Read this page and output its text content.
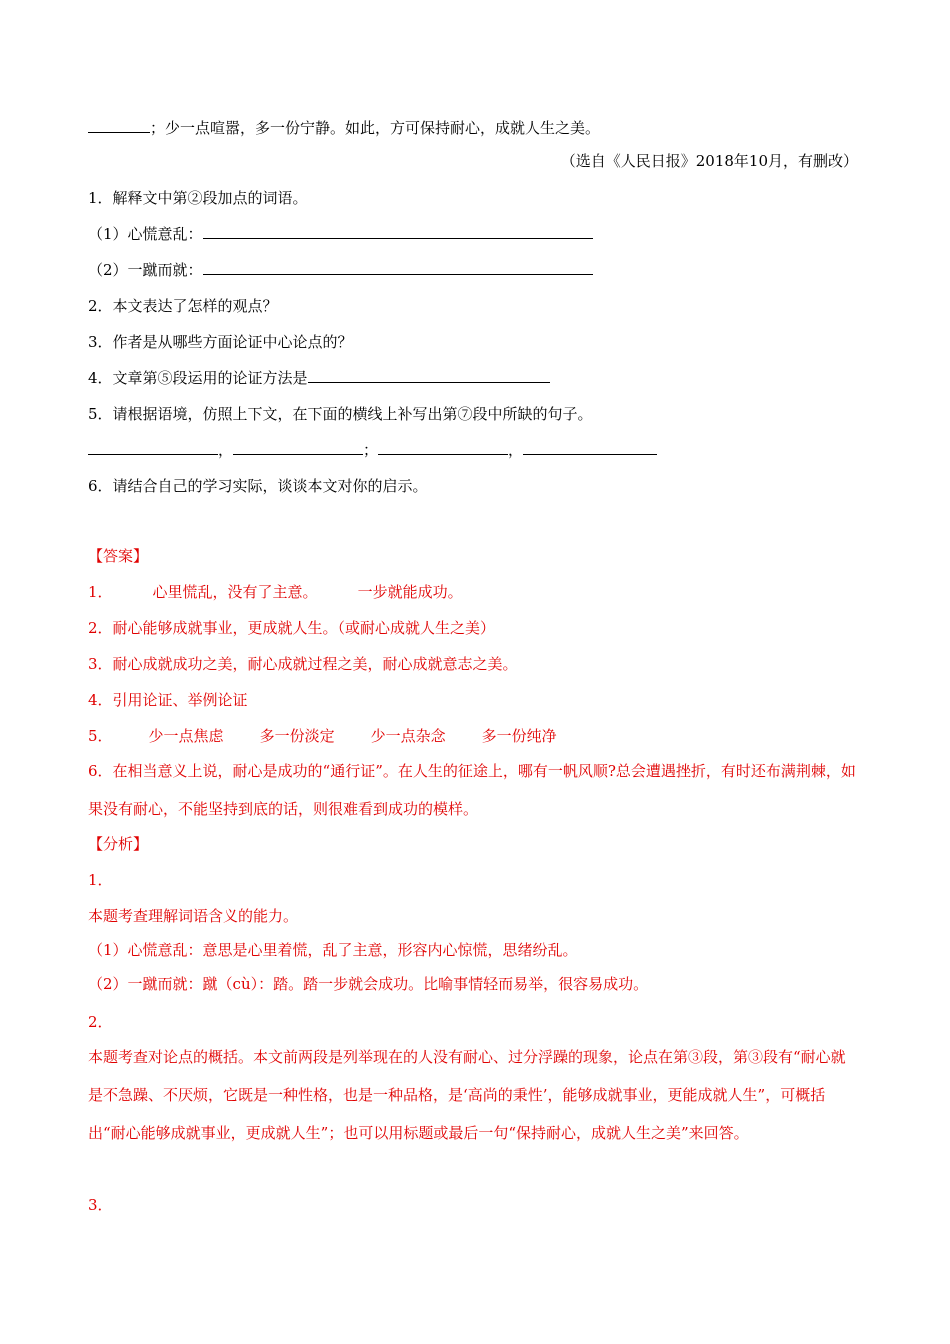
；少一点喧嚣，多一份宁静。如此，方可保持耐心，成就人生之美。
（选自《人民日报》2018年10月，有删改）
1．解释文中第②段加点的词语。
（1）心慌意乱：
（2）一蹴而就：
2．本文表达了怎样的观点？
3．作者是从哪些方面论证中心论点的？
4．文章第⑤段运用的论证方法是
5．请根据语境，仿照上下文，在下面的横线上补写出第⑦段中所缺的句子。
，	；	，
6．请结合自己的学习实际，谈谈本文对你的启示。
【答案】
1．	心里慌乱，没有了主意。	一步就能成功。
2．耐心能够成就事业，更成就人生。（或耐心成就人生之美）
3．耐心成就成功之美，耐心成就过程之美，耐心成就意志之美。
4．引用论证、举例论证
5． 少一点焦虑 多一份淡定 少一点杂念 多一份纯净
6．在相当意义上说，耐心是成功的“通行证”。在人生的征途上，哪有一帆风顺?总会遭遇挫折，有时还布满荆棘，如果没有耐心，不能坚持到底的话，则很难看到成功的模样。
【分析】
1．
本题考查理解词语含义的能力。
（1）心慌意乱：意思是心里着慌，乱了主意，形容内心惊慌，思绪纷乱。
（2）一蹴而就：蹴（cù）：踏。踏一步就会成功。比喻事情轻而易举，很容易成功。
2．
本题考查对论点的概括。本文前两段是列举现在的人没有耐心、过分浮躁的现象，论点在第③段，第③段有“耐心就是不急躁、不厌烦，它既是一种性格，也是一种品格，是‘高尚的秉性’，能够成就事业，更能成就人生”，可概括出“耐心能够成就事业，更成就人生”；也可以用标题或最后一句“保持耐心，成就人生之美”来回答。
3．
